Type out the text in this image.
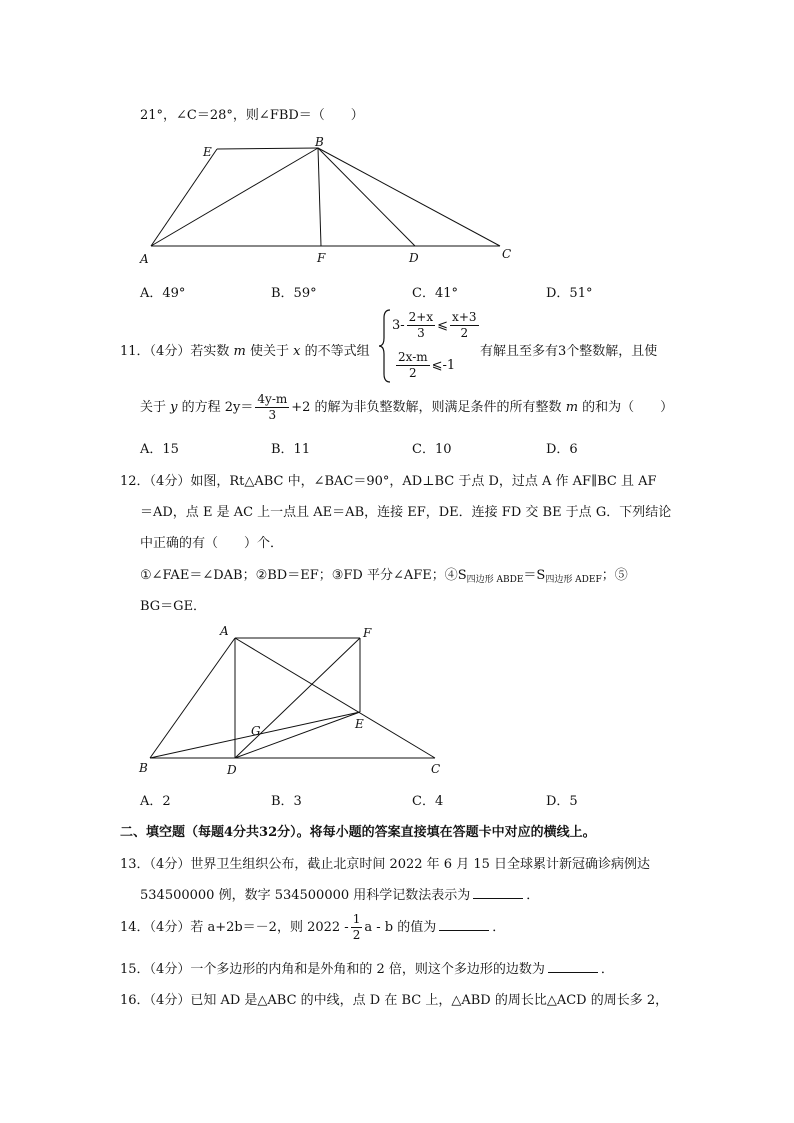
21°，∠C＝28°，则∠FBD＝（　　）
E
B
A	F	D	C
A．49°	B．59°	C．41°	D．51°
11．（4分）若实数 m 使关于 x 的不等式组
$3- \frac{2+x}{3}$ ⩽ $\frac{x+3}{2}$
$\frac{2x-m}{2}$ ⩽-1
有解且至多有3个整数解，且使
关于 y 的方程 $2y= \frac{4y-m}{3} +2$ 的解为非负整数解，则满足条件的所有整数 m 的和为（　　）
A．15	B．11	C．10	D．6
12．（4分）如图，Rt△ABC 中，∠BAC＝90°，AD⊥BC 于点 D，过点 A 作 AF∥BC 且 AF
＝AD，点 E 是 AC 上一点且 AE＝AB，连接 EF，DE．连接 FD 交 BE 于点 G．下列结论
中正确的有（　　）个．
①∠FAE＝∠DAB；②BD＝EF；③FD 平分∠AFE；$④S_{四边形 ABDE}=S_{四边形 ADEF}$；⑤
BG＝GE．
A	F
G	E
B	D	C
A．2	B．3	C．4	D．5
二、填空题（每题4分共32分）。将每小题的答案直接填在答题卡中对应的横线上。
13．（4分）世界卫生组织公布，截止北京时间 2022 年 6 月 15 日全球累计新冠确诊病例达
534500000 例，数字 534500000 用科学记数法表示为	．
14．（4分）若 a+2b＝－2，则 $2022 - \frac{1}{2}$ a - b 的值为	．
15．（4分）一个多边形的内角和是外角和的 2 倍，则这个多边形的边数为	．
16．（4分）已知 AD 是△ABC 的中线，点 D 在 BC 上，△ABD 的周长比△ACD 的周长多 2，
